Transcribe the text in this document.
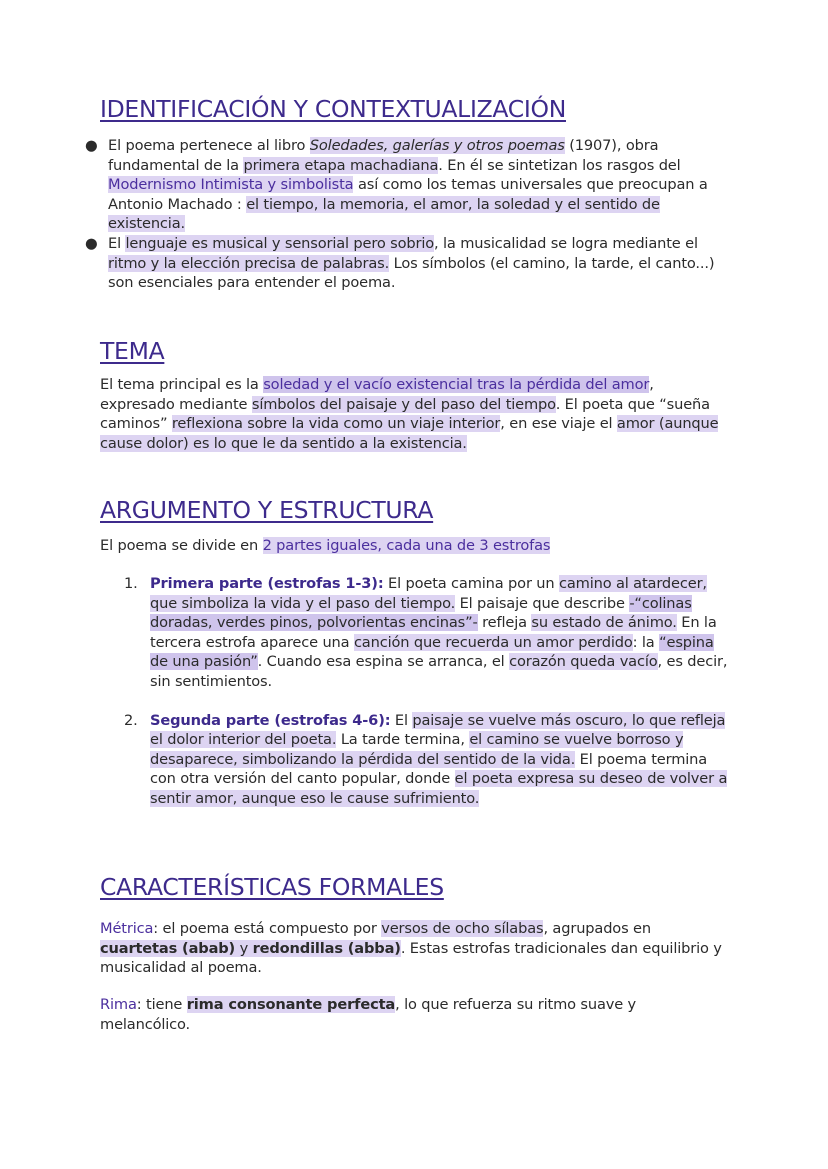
IDENTIFICACIÓN Y CONTEXTUALIZACIÓN
● El poema pertenece al libro Soledades, galerías y otros poemas (1907), obra fundamental de la primera etapa machadiana. En él se sintetizan los rasgos del Modernismo Intimista y simbolista así como los temas universales que preocupan a Antonio Machado : el tiempo, la memoria, el amor, la soledad y el sentido de existencia.
● El lenguaje es musical y sensorial pero sobrio, la musicalidad se logra mediante el ritmo y la elección precisa de palabras. Los símbolos (el camino, la tarde, el canto...) son esenciales para entender el poema.
TEMA

El tema principal es la soledad y el vacío existencial tras la pérdida del amor, expresado mediante símbolos del paisaje y del paso del tiempo. El poeta que “sueña caminos” reflexiona sobre la vida como un viaje interior, en ese viaje el amor (aunque cause dolor) es lo que le da sentido a la existencia.

ARGUMENTO Y ESTRUCTURA

El poema se divide en 2 partes iguales, cada una de 3 estrofas

1. Primera parte (estrofas 1-3): El poeta camina por un camino al atardecer, que simboliza la vida y el paso del tiempo. El paisaje que describe -“colinas doradas, verdes pinos, polvorientas encinas”- refleja su estado de ánimo. En la tercera estrofa aparece una canción que recuerda un amor perdido: la “espina de una pasión”. Cuando esa espina se arranca, el corazón queda vacío, es decir, sin sentimientos.
2. Segunda parte (estrofas 4-6): El paisaje se vuelve más oscuro, lo que refleja el dolor interior del poeta. La tarde termina, el camino se vuelve borroso y desaparece, simbolizando la pérdida del sentido de la vida. El poema termina con otra versión del canto popular, donde el poeta expresa su deseo de volver a sentir amor, aunque eso le cause sufrimiento.
CARACTERÍSTICAS FORMALES

Métrica: el poema está compuesto por versos de ocho sílabas, agrupados en cuartetas (abab) y redondillas (abba). Estas estrofas tradicionales dan equilibrio y musicalidad al poema.

Rima: tiene rima consonante perfecta, lo que refuerza su ritmo suave y melancólico.
